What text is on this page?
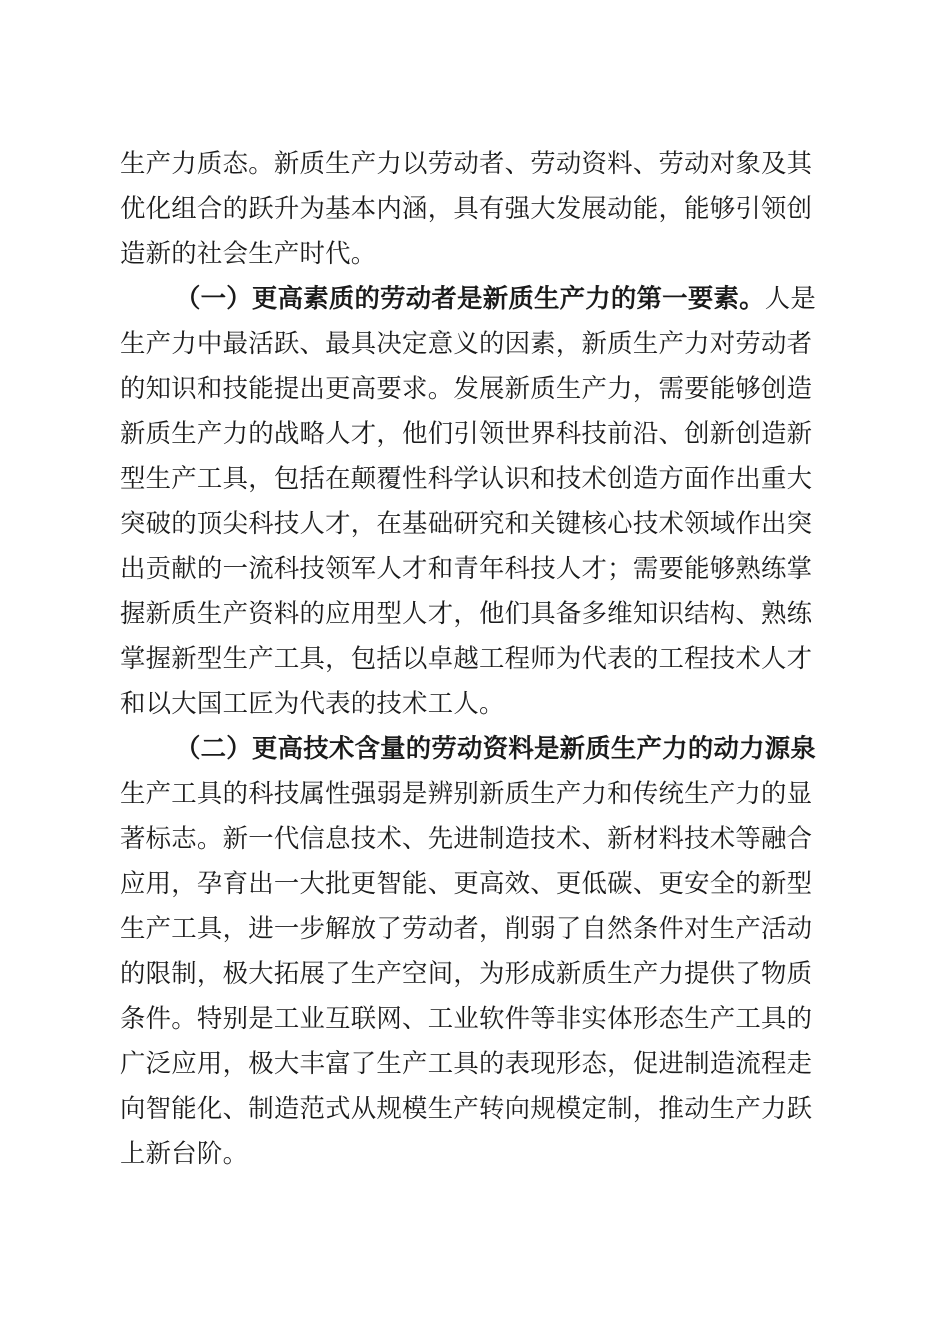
生产力质态。新质生产力以劳动者、劳动资料、劳动对象及其
优化组合的跃升为基本内涵，具有强大发展动能，能够引领创
造新的社会生产时代。
（一）更高素质的劳动者是新质生产力的第一要素。人是
生产力中最活跃、最具决定意义的因素，新质生产力对劳动者
的知识和技能提出更高要求。发展新质生产力，需要能够创造
新质生产力的战略人才，他们引领世界科技前沿、创新创造新
型生产工具，包括在颠覆性科学认识和技术创造方面作出重大
突破的顶尖科技人才，在基础研究和关键核心技术领域作出突
出贡献的一流科技领军人才和青年科技人才；需要能够熟练掌
握新质生产资料的应用型人才，他们具备多维知识结构、熟练
掌握新型生产工具，包括以卓越工程师为代表的工程技术人才
和以大国工匠为代表的技术工人。
（二）更高技术含量的劳动资料是新质生产力的动力源泉
生产工具的科技属性强弱是辨别新质生产力和传统生产力的显
著标志。新一代信息技术、先进制造技术、新材料技术等融合
应用，孕育出一大批更智能、更高效、更低碳、更安全的新型
生产工具，进一步解放了劳动者，削弱了自然条件对生产活动
的限制，极大拓展了生产空间，为形成新质生产力提供了物质
条件。特别是工业互联网、工业软件等非实体形态生产工具的
广泛应用，极大丰富了生产工具的表现形态，促进制造流程走
向智能化、制造范式从规模生产转向规模定制，推动生产力跃
上新台阶。
